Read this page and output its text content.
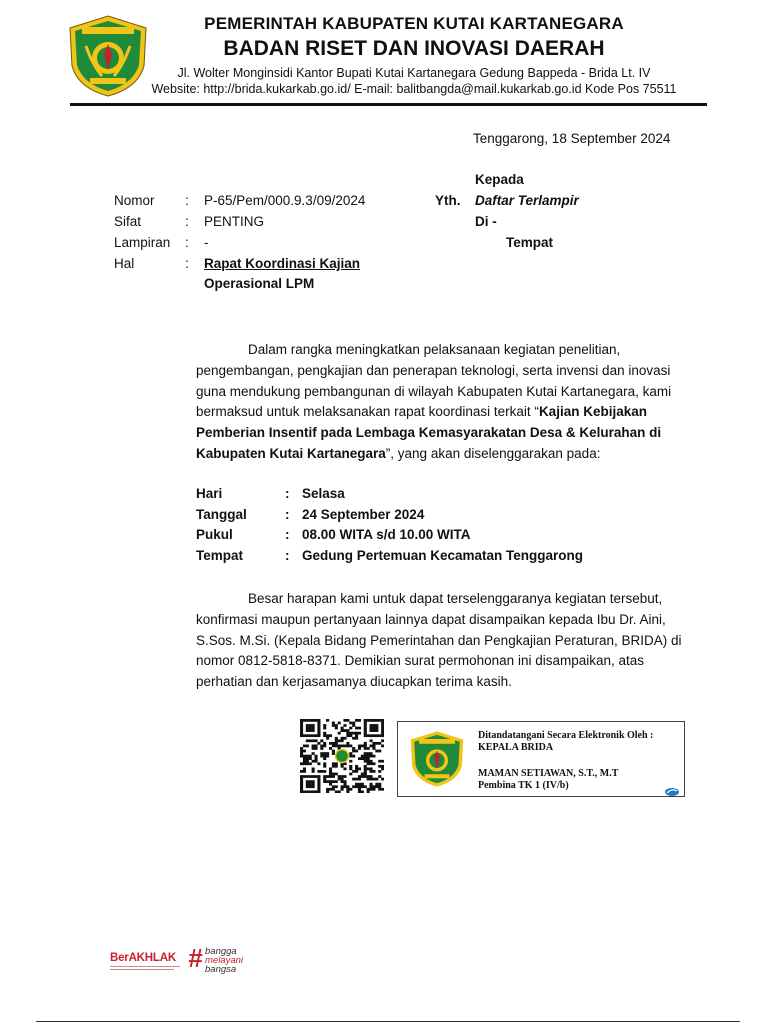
PEMERINTAH KABUPATEN KUTAI KARTANEGARA
BADAN RISET DAN INOVASI DAERAH
Jl. Wolter Monginsidi Kantor Bupati Kutai Kartanegara Gedung Bappeda - Brida Lt. IV
Website: http://brida.kukarkab.go.id/ E-mail: balitbangda@mail.kukarkab.go.id Kode Pos 75511
Tenggarong, 18 September 2024
Kepada
Yth. Daftar Terlampir
Di -
Tempat
Nomor : P-65/Pem/000.9.3/09/2024
Sifat	: PENTING
Lampiran : -
Hal	: Rapat Koordinasi Kajian
Operasional LPM
Dalam rangka meningkatkan pelaksanaan kegiatan penelitian,
pengembangan, pengkajian dan penerapan teknologi, serta invensi dan inovasi
guna mendukung pembangunan di wilayah Kabupaten Kutai Kartanegara, kami
bermaksud untuk melaksanakan rapat koordinasi terkait “Kajian Kebijakan
Pemberian Insentif pada Lembaga Kemasyarakatan Desa & Kelurahan di
Kabupaten Kutai Kartanegara”, yang akan diselenggarakan pada:
Hari	: Selasa
Tanggal	: 24 September 2024
Pukul	: 08.00 WITA s/d 10.00 WITA
Tempat	: Gedung Pertemuan Kecamatan Tenggarong
Besar harapan kami untuk dapat terselenggaranya kegiatan tersebut,
konfirmasi maupun pertanyaan lainnya dapat disampaikan kepada Ibu Dr. Aini,
S.Sos. M.Si. (Kepala Bidang Pemerintahan dan Pengkajian Peraturan, BRIDA) di
nomor 0812-5818-8371. Demikian surat permohonan ini disampaikan, atas
perhatian dan kerjasamanya diucapkan terima kasih.
Ditandatangani Secara Elektronik Oleh :
KEPALA BRIDA
MAMAN SETIAWAN, S.T., M.T
Pembina TK 1 (IV/b)
BerAKHLAK # bangga
melayani
bangsa
